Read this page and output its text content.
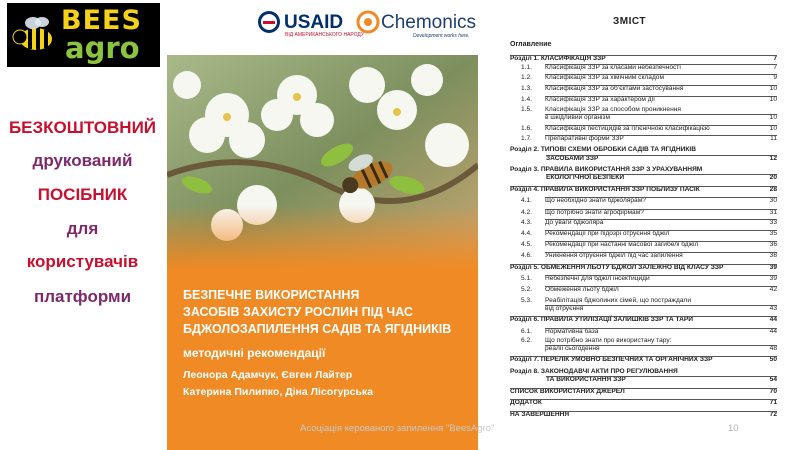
BEES
agro
БЕЗКОШТОВНИЙ
друкований
ПОСІБНИК
для
користувачів
платформи
USAID
ВІД АМЕРИКАНСЬКОГО НАРОДУ
Chemonics
Development works here.
БЕЗПЕЧНЕ ВИКОРИСТАННЯ
ЗАСОБІВ ЗАХИСТУ РОСЛИН ПІД ЧАС
БДЖОЛОЗАПИЛЕННЯ САДІВ ТА ЯГІДНИКІВ
методичні рекомендації
Леонора Адамчук, Євген Лайтер
Катерина Пилипко, Діна Лісогурська
ЗМІСТ
Оглавление
Розділ 1. КЛАСИФІКАЦІЯ ЗЗР	7
1.1. Класифікація ЗЗР за класами небезпечності	7
1.2. Класифікація ЗЗР за хімічним складом	9
1.3. Класифікація ЗЗР за об’єктами застосування	10
1.4. Класифікація ЗЗР за характером дії	10
1.5. Класифікація ЗЗР за способом проникнення
в шкідливий організм	10
1.6. Класифікація пестицидів за гігієнічною класифікацією	10
1.7. Препаративні форми ЗЗР	11
Розділ 2. ТИПОВІ СХЕМИ ОБРОБКИ САДІВ ТА ЯГІДНИКІВ
ЗАСОБАМИ ЗЗР	12
Розділ 3. ПРАВИЛА ВИКОРИСТАННЯ ЗЗР З УРАХУВАННЯМ
ЕКОЛОГІЧНОЇ БЕЗПЕКИ	20
Розділ 4. ПРАВИЛА ВИКОРИСТАННЯ ЗЗР ПОБЛИЗУ ПАСІК	28
4.1. Що необхідно знати бджолярам?	30
4.2. Що потрібно знати агрофірмам?	31
4.3. До уваги бджоляра	33
4.4. Рекомендації при підозрі отруєння бджіл	35
4.5. Рекомендації при настанні масової загибелі бджіл	36
4.6. Уникнення отруєння бджіл під час запилення	38
Розділ 5. ОБМЕЖЕННЯ ЛЬОТУ БДЖОЛ ЗАЛЕЖНО ВІД КЛАСУ ЗЗР	39
5.1. Небезпечні для бджіл інсектициди	39
5.2. Обмеження льоту бджіл	42
5.3. Реабілітація бджолиних сімей, що постраждали
від отруєння	43
Розділ 6. ПРАВИЛА УТИЛІЗАЦІЇ ЗАЛИШКІВ ЗЗР ТА ТАРИ	44
6.1. Нормативна база	44
6.2. Що потрібно знати про використану тару:
реалії сьогодення	48
Розділ 7. ПЕРЕЛІК УМОВНО БЕЗПЕЧНИХ ТА ОРГАНІЧНИХ ЗЗР	50
Розділ 8. ЗАКОНОДАВЧІ АКТИ ПРО РЕГУЛЮВАННЯ
ТА ВИКОРИСТАННЯ ЗЗР	54
СПИСОК ВИКОРИСТАНИХ ДЖЕРЕЛ	70
ДОДАТОК	71
НА ЗАВЕРШЕННЯ	72
Асоціація керованого запилення "BeesAgro"	10
